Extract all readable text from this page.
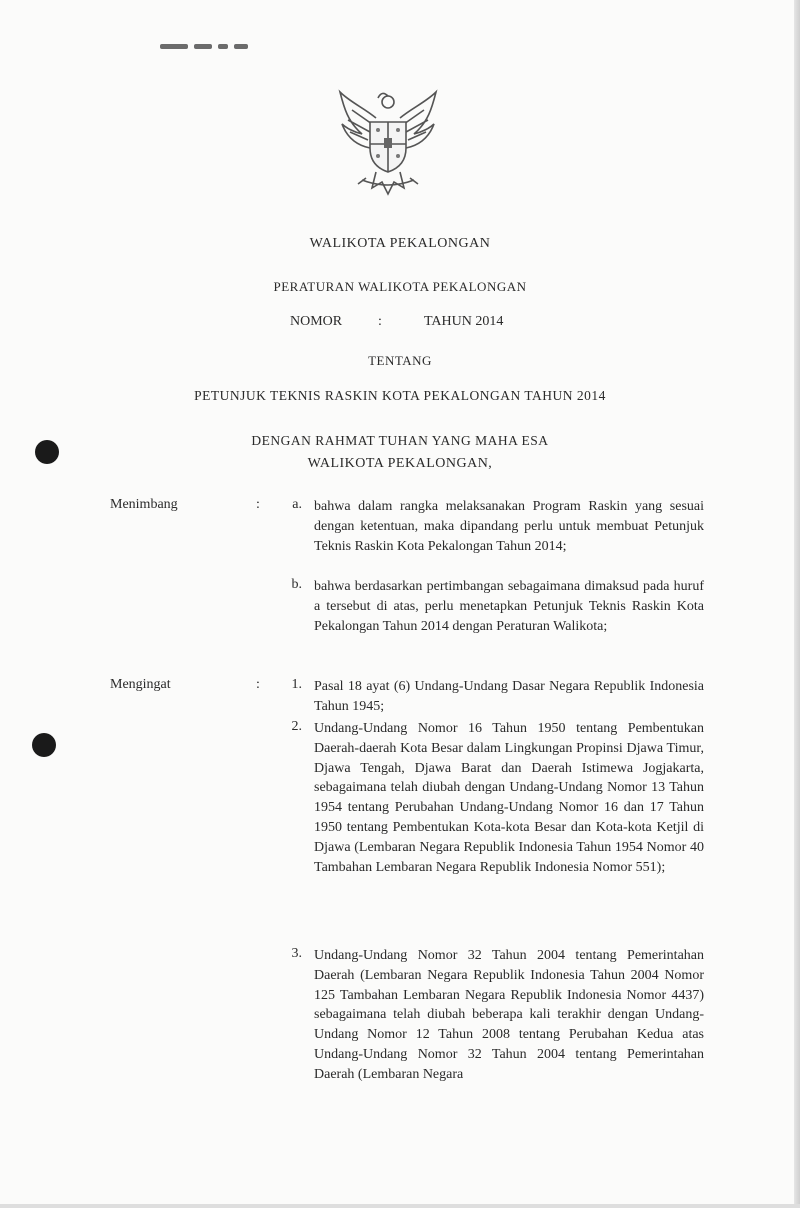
WALIKOTA PEKALONGAN
PERATURAN WALIKOTA PEKALONGAN
NOMOR	:	TAHUN 2014
TENTANG
PETUNJUK TEKNIS RASKIN KOTA PEKALONGAN TAHUN 2014
DENGAN RAHMAT TUHAN YANG MAHA ESA
WALIKOTA PEKALONGAN,
Menimbang	:	a. bahwa dalam rangka melaksanakan Program Raskin yang sesuai dengan ketentuan, maka dipandang perlu untuk membuat Petunjuk Teknis Raskin Kota Pekalongan Tahun 2014;
b. bahwa berdasarkan pertimbangan sebagaimana dimaksud pada huruf a tersebut di atas, perlu menetapkan Petunjuk Teknis Raskin Kota Pekalongan Tahun 2014 dengan Peraturan Walikota;
Mengingat	:	1. Pasal 18 ayat (6) Undang-Undang Dasar Negara Republik Indonesia Tahun 1945;
2. Undang-Undang Nomor 16 Tahun 1950 tentang Pembentukan Daerah-daerah Kota Besar dalam Lingkungan Propinsi Djawa Timur, Djawa Tengah, Djawa Barat dan Daerah Istimewa Jogjakarta, sebagaimana telah diubah dengan Undang-Undang Nomor 13 Tahun 1954 tentang Perubahan Undang-Undang Nomor 16 dan 17 Tahun 1950 tentang Pembentukan Kota-kota Besar dan Kota-kota Ketjil di Djawa (Lembaran Negara Republik Indonesia Tahun 1954 Nomor 40 Tambahan Lembaran Negara Republik Indonesia Nomor 551);
3. Undang-Undang Nomor 32 Tahun 2004 tentang Pemerintahan Daerah (Lembaran Negara Republik Indonesia Tahun 2004 Nomor 125 Tambahan Lembaran Negara Republik Indonesia Nomor 4437) sebagaimana telah diubah beberapa kali terakhir dengan Undang-Undang Nomor 12 Tahun 2008 tentang Perubahan Kedua atas Undang-Undang Nomor 32 Tahun 2004 tentang Pemerintahan Daerah (Lembaran Negara
